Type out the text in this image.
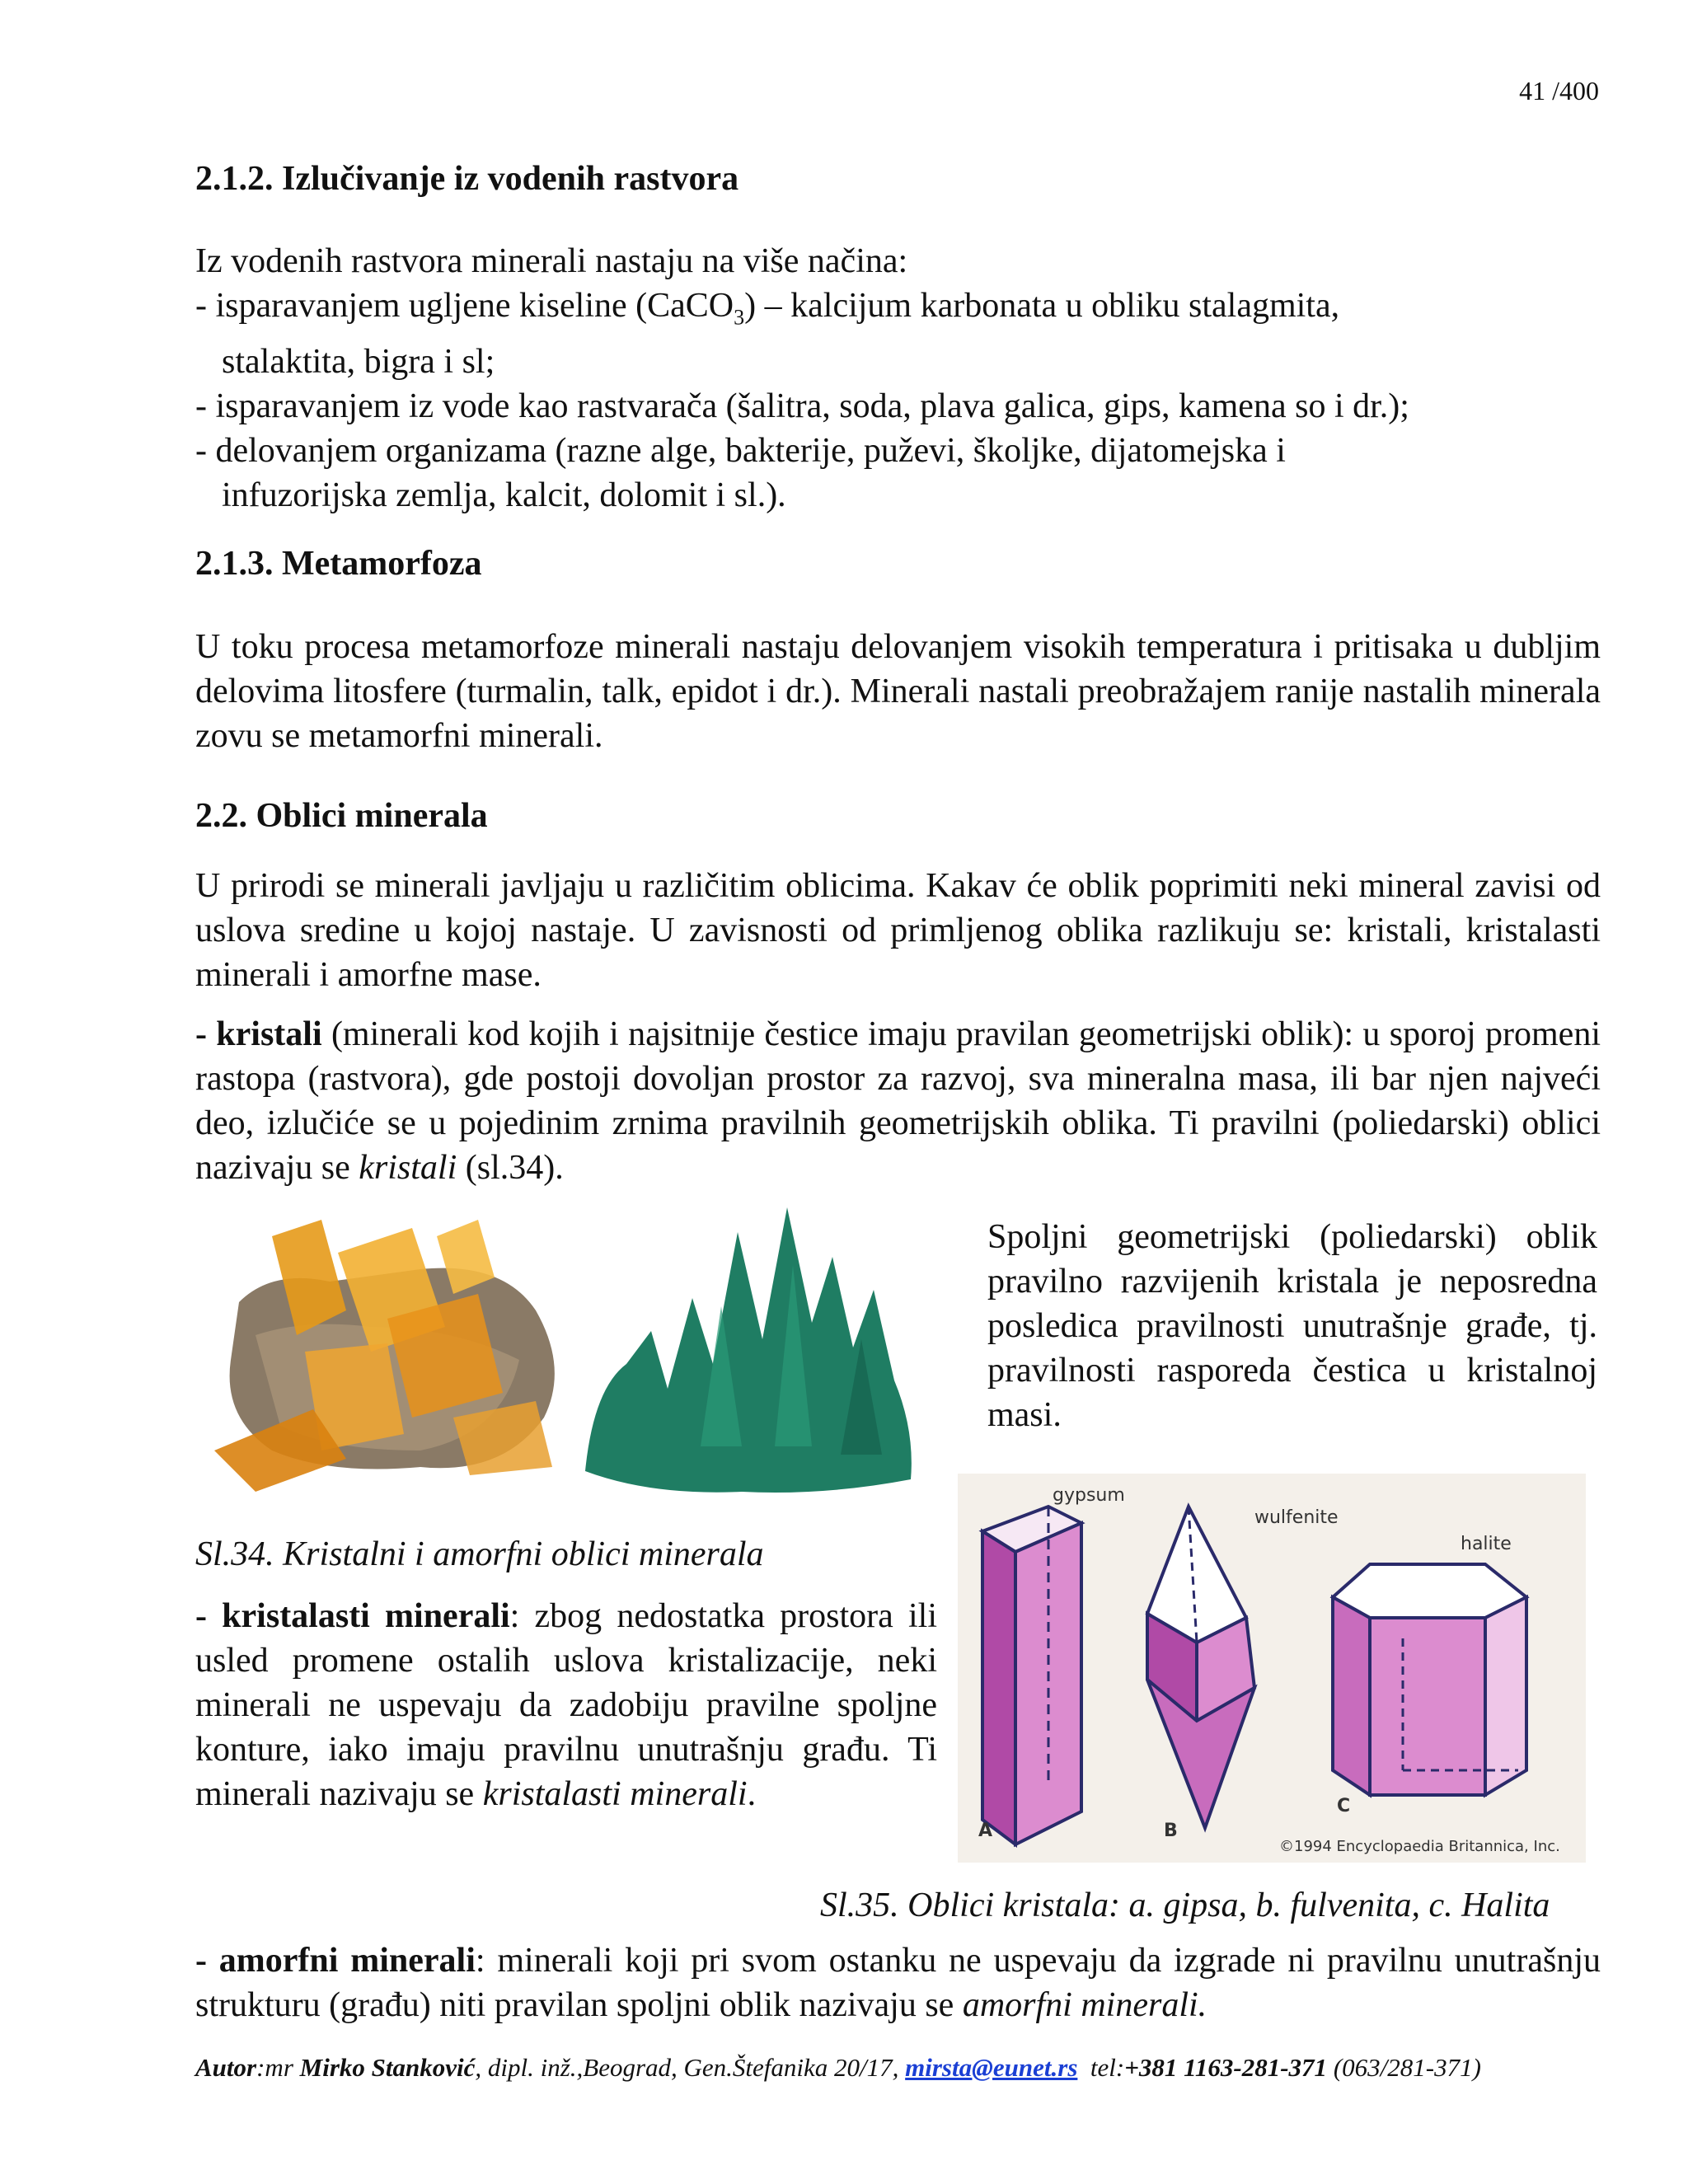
41 /400
2.1.2. Izlučivanje iz vodenih rastvora
Iz vodenih rastvora minerali nastaju na više načina:
- isparavanjem ugljene kiseline (CaCO$_3$) – kalcijum karbonata u obliku stalagmita,
stalaktita, bigra i sl;
- isparavanjem iz vode kao rastvarača (šalitra, soda, plava galica, gips, kamena so i dr.);
- delovanjem organizama (razne alge, bakterije, puževi, školjke, dijatomejska i
infuzorijska zemlja, kalcit, dolomit i sl.).
2.1.3. Metamorfoza
U toku procesa metamorfoze minerali nastaju delovanjem visokih temperatura i pritisaka u dubljim delovima litosfere (turmalin, talk, epidot i dr.). Minerali nastali preobražajem ranije nastalih minerala zovu se metamorfni minerali.
2.2. Oblici minerala
U prirodi se minerali javljaju u različitim oblicima. Kakav će oblik poprimiti neki mineral zavisi od uslova sredine u kojoj nastaje. U zavisnosti od primljenog oblika razlikuju se: kristali, kristalasti minerali i amorfne mase.
- kristali (minerali kod kojih i najsitnije čestice imaju pravilan geometrijski oblik): u sporoj promeni rastopa (rastvora), gde postoji dovoljan prostor za razvoj, sva mineralna masa, ili bar njen najveći deo, izlučiće se u pojedinim zrnima pravilnih geometrijskih oblika. Ti pravilni (poliedarski) oblici nazivaju se kristali (sl.34).
Spoljni geometrijski (poliedarski) oblik pravilno razvijenih kristala je neposredna posledica pravilnosti unutrašnje građe, tj. pravilnosti rasporeda čestica u kristalnoj masi.
gypsum
wulfenite
halite
A	B
C
©1994 Encyclopaedia Britannica, Inc.
Sl.34. Kristalni i amorfni oblici minerala
- kristalasti minerali: zbog nedostatka prostora ili usled promene ostalih uslova kristalizacije, neki minerali ne uspevaju da zadobiju pravilne spoljne konture, iako imaju pravilnu unutrašnju građu. Ti minerali nazivaju se kristalasti minerali.
Sl.35. Oblici kristala: a. gipsa, b. fulvenita, c. Halita
- amorfni minerali: minerali koji pri svom ostanku ne uspevaju da izgrade ni pravilnu unutrašnju strukturu (građu) niti pravilan spoljni oblik nazivaju se amorfni minerali.
Autor:mr Mirko Stanković, dipl. inž.,Beograd, Gen.Štefanika 20/17, mirsta@eunet.rs  tel:+381 1163-281-371 (063/281-371)
